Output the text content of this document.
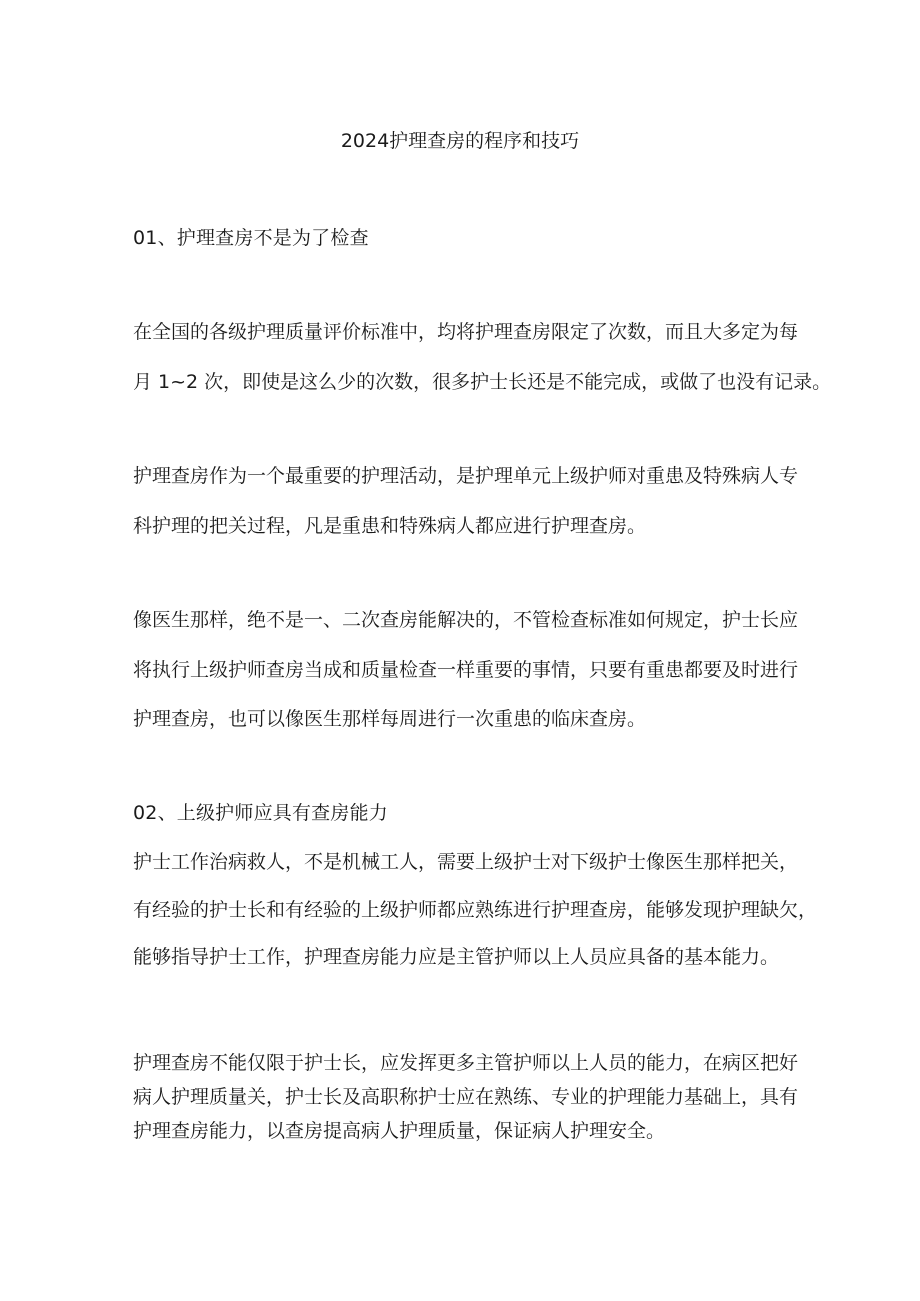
2024护理查房的程序和技巧
01、护理查房不是为了检查
在全国的各级护理质量评价标准中，均将护理查房限定了次数，而且大多定为每
月 1~2 次，即使是这么少的次数，很多护士长还是不能完成，或做了也没有记录。
护理查房作为一个最重要的护理活动，是护理单元上级护师对重患及特殊病人专
科护理的把关过程，凡是重患和特殊病人都应进行护理查房。
像医生那样，绝不是一、二次查房能解决的，不管检查标准如何规定，护士长应
将执行上级护师查房当成和质量检查一样重要的事情，只要有重患都要及时进行
护理查房，也可以像医生那样每周进行一次重患的临床查房。
02、上级护师应具有查房能力
护士工作治病救人，不是机械工人，需要上级护士对下级护士像医生那样把关，
有经验的护士长和有经验的上级护师都应熟练进行护理查房，能够发现护理缺欠，
能够指导护士工作，护理查房能力应是主管护师以上人员应具备的基本能力。
护理查房不能仅限于护士长，应发挥更多主管护师以上人员的能力，在病区把好
病人护理质量关，护士长及高职称护士应在熟练、专业的护理能力基础上，具有
护理查房能力，以查房提高病人护理质量，保证病人护理安全。
